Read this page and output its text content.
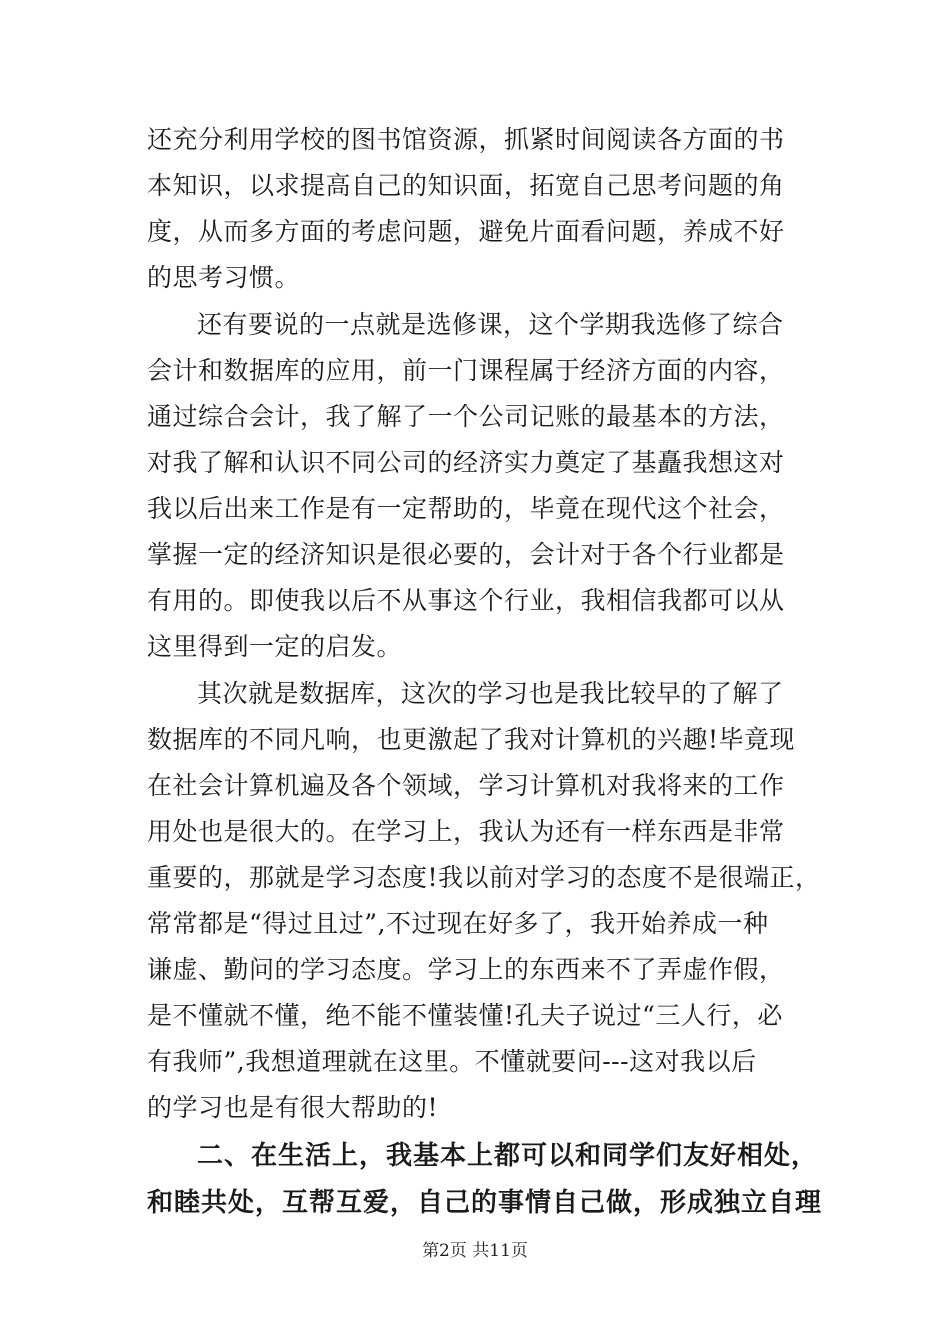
还充分利用学校的图书馆资源，抓紧时间阅读各方面的书
本知识，以求提高自己的知识面，拓宽自己思考问题的角
度，从而多方面的考虑问题，避免片面看问题，养成不好
的思考习惯。
还有要说的一点就是选修课，这个学期我选修了综合
会计和数据库的应用，前一门课程属于经济方面的内容，
通过综合会计，我了解了一个公司记账的最基本的方法，
对我了解和认识不同公司的经济实力奠定了基矗我想这对
我以后出来工作是有一定帮助的，毕竟在现代这个社会，
掌握一定的经济知识是很必要的，会计对于各个行业都是
有用的。即使我以后不从事这个行业，我相信我都可以从
这里得到一定的启发。
其次就是数据库，这次的学习也是我比较早的了解了
数据库的不同凡响，也更激起了我对计算机的兴趣!毕竟现
在社会计算机遍及各个领域，学习计算机对我将来的工作
用处也是很大的。在学习上，我认为还有一样东西是非常
重要的，那就是学习态度!我以前对学习的态度不是很端正，
常常都是“得过且过”,不过现在好多了，我开始养成一种
谦虚、勤问的学习态度。学习上的东西来不了弄虚作假，
是不懂就不懂，绝不能不懂装懂!孔夫子说过“三人行，必
有我师”,我想道理就在这里。不懂就要问---这对我以后
的学习也是有很大帮助的!
二、在生活上，我基本上都可以和同学们友好相处，
和睦共处，互帮互爱，自己的事情自己做，形成独立自理
第2页 共11页
